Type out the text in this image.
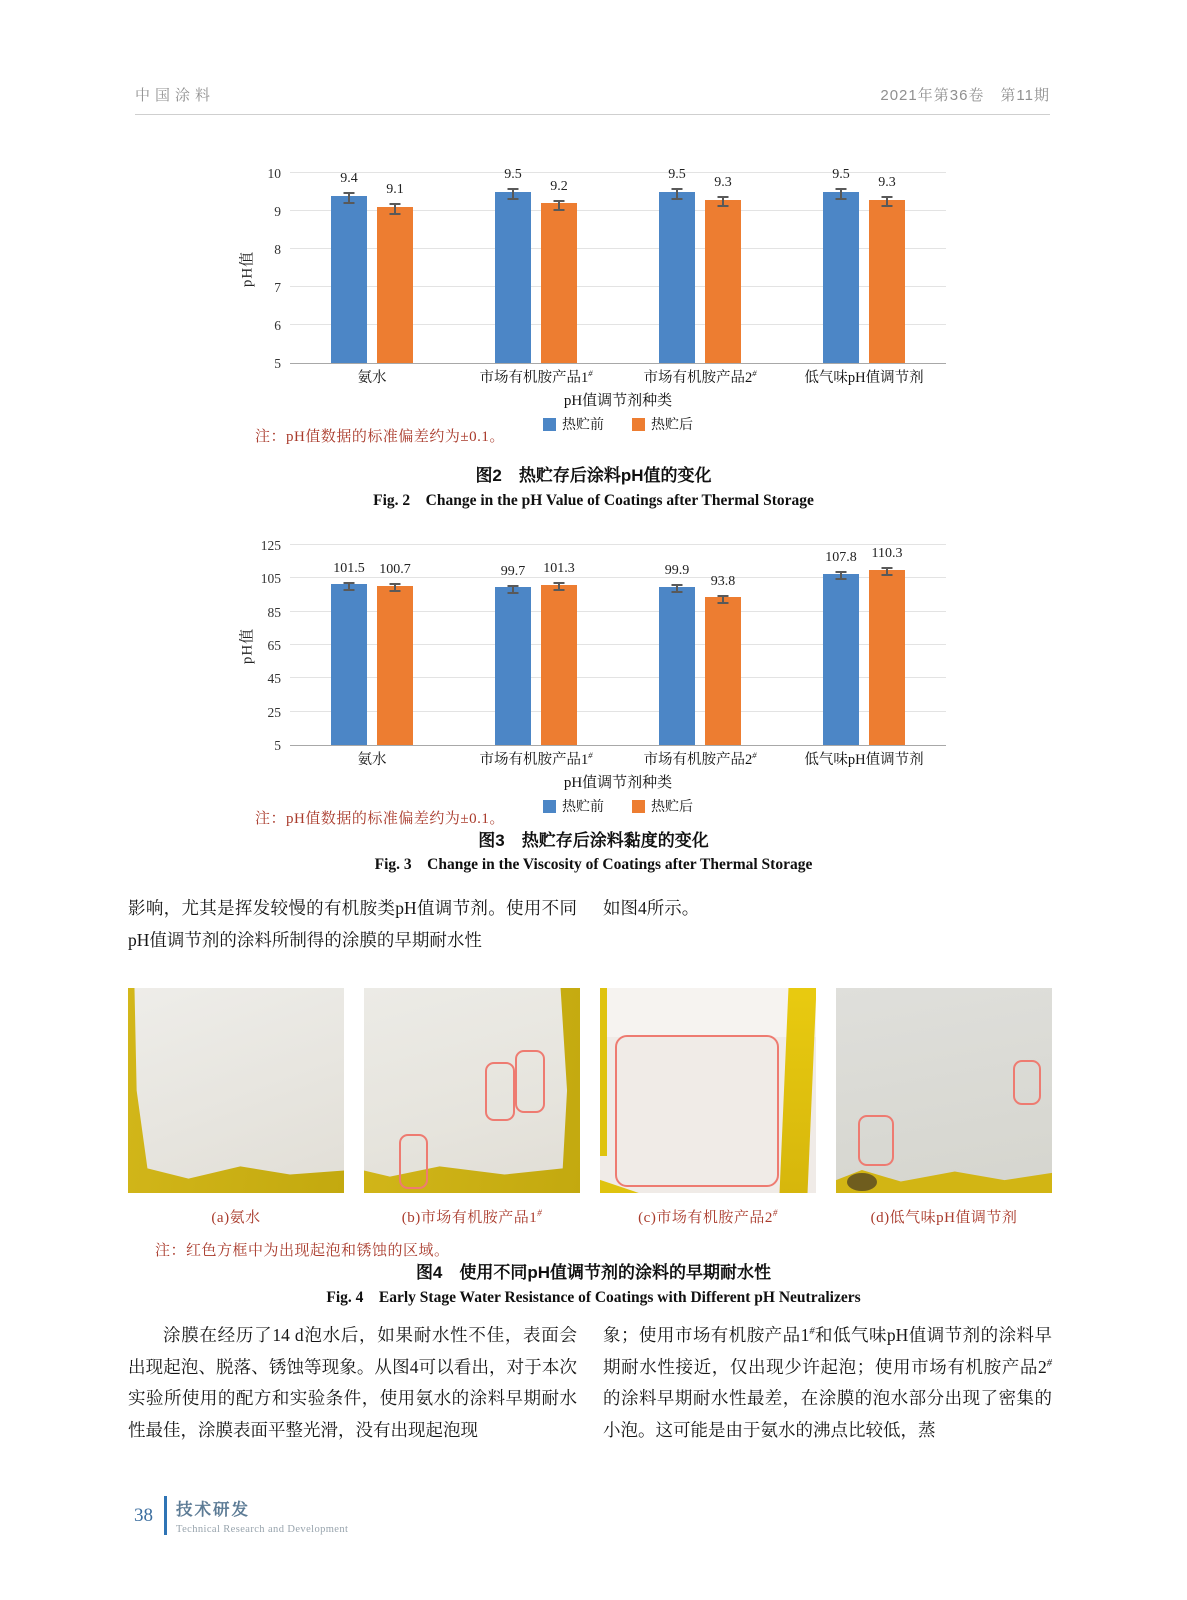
中国涂料	2021年第36卷　第11期
pH值
5
6
7
8
9
10	9.4
9.1
9.5
9.2
9.5
9.3
9.5
9.3
氨水	市场有机胺产品1#	市场有机胺产品2#	低气味pH值调节剂
pH值调节剂种类
热贮前	热贮后
注：pH值数据的标准偏差约为±0.1。
图2　热贮存后涂料pH值的变化
Fig. 2　Change in the pH Value of Coatings after Thermal Storage
pH值
5
25
45
65
85
105
125
101.5 100.7	99.7 101.3	99.9
93.8
107.8 110.3
氨水	市场有机胺产品1#	市场有机胺产品2#	低气味pH值调节剂
pH值调节剂种类
热贮前	热贮后
注：pH值数据的标准偏差约为±0.1。
图3　热贮存后涂料黏度的变化
Fig. 3　Change in the Viscosity of Coatings after Thermal Storage
影响，尤其是挥发较慢的有机胺类pH值调节剂。使用不同pH值调节剂的涂料所制得的涂膜的早期耐水性
如图4所示。
(a)氨水	(b)市场有机胺产品1#	(c)市场有机胺产品2#	(d)低气味pH值调节剂
注：红色方框中为出现起泡和锈蚀的区域。
图4　使用不同pH值调节剂的涂料的早期耐水性
Fig. 4　Early Stage Water Resistance of Coatings with Different pH Neutralizers
涂膜在经历了14 d泡水后，如果耐水性不佳，表面会出现起泡、脱落、锈蚀等现象。从图4可以看出，对于本次实验所使用的配方和实验条件，使用氨水的涂料早期耐水性最佳，涂膜表面平整光滑，没有出现起泡现
象；使用市场有机胺产品1#和低气味pH值调节剂的涂料早期耐水性接近，仅出现少许起泡；使用市场有机胺产品2#的涂料早期耐水性最差，在涂膜的泡水部分出现了密集的小泡。这可能是由于氨水的沸点比较低，蒸
38 技术研发
Technical Research and Development
